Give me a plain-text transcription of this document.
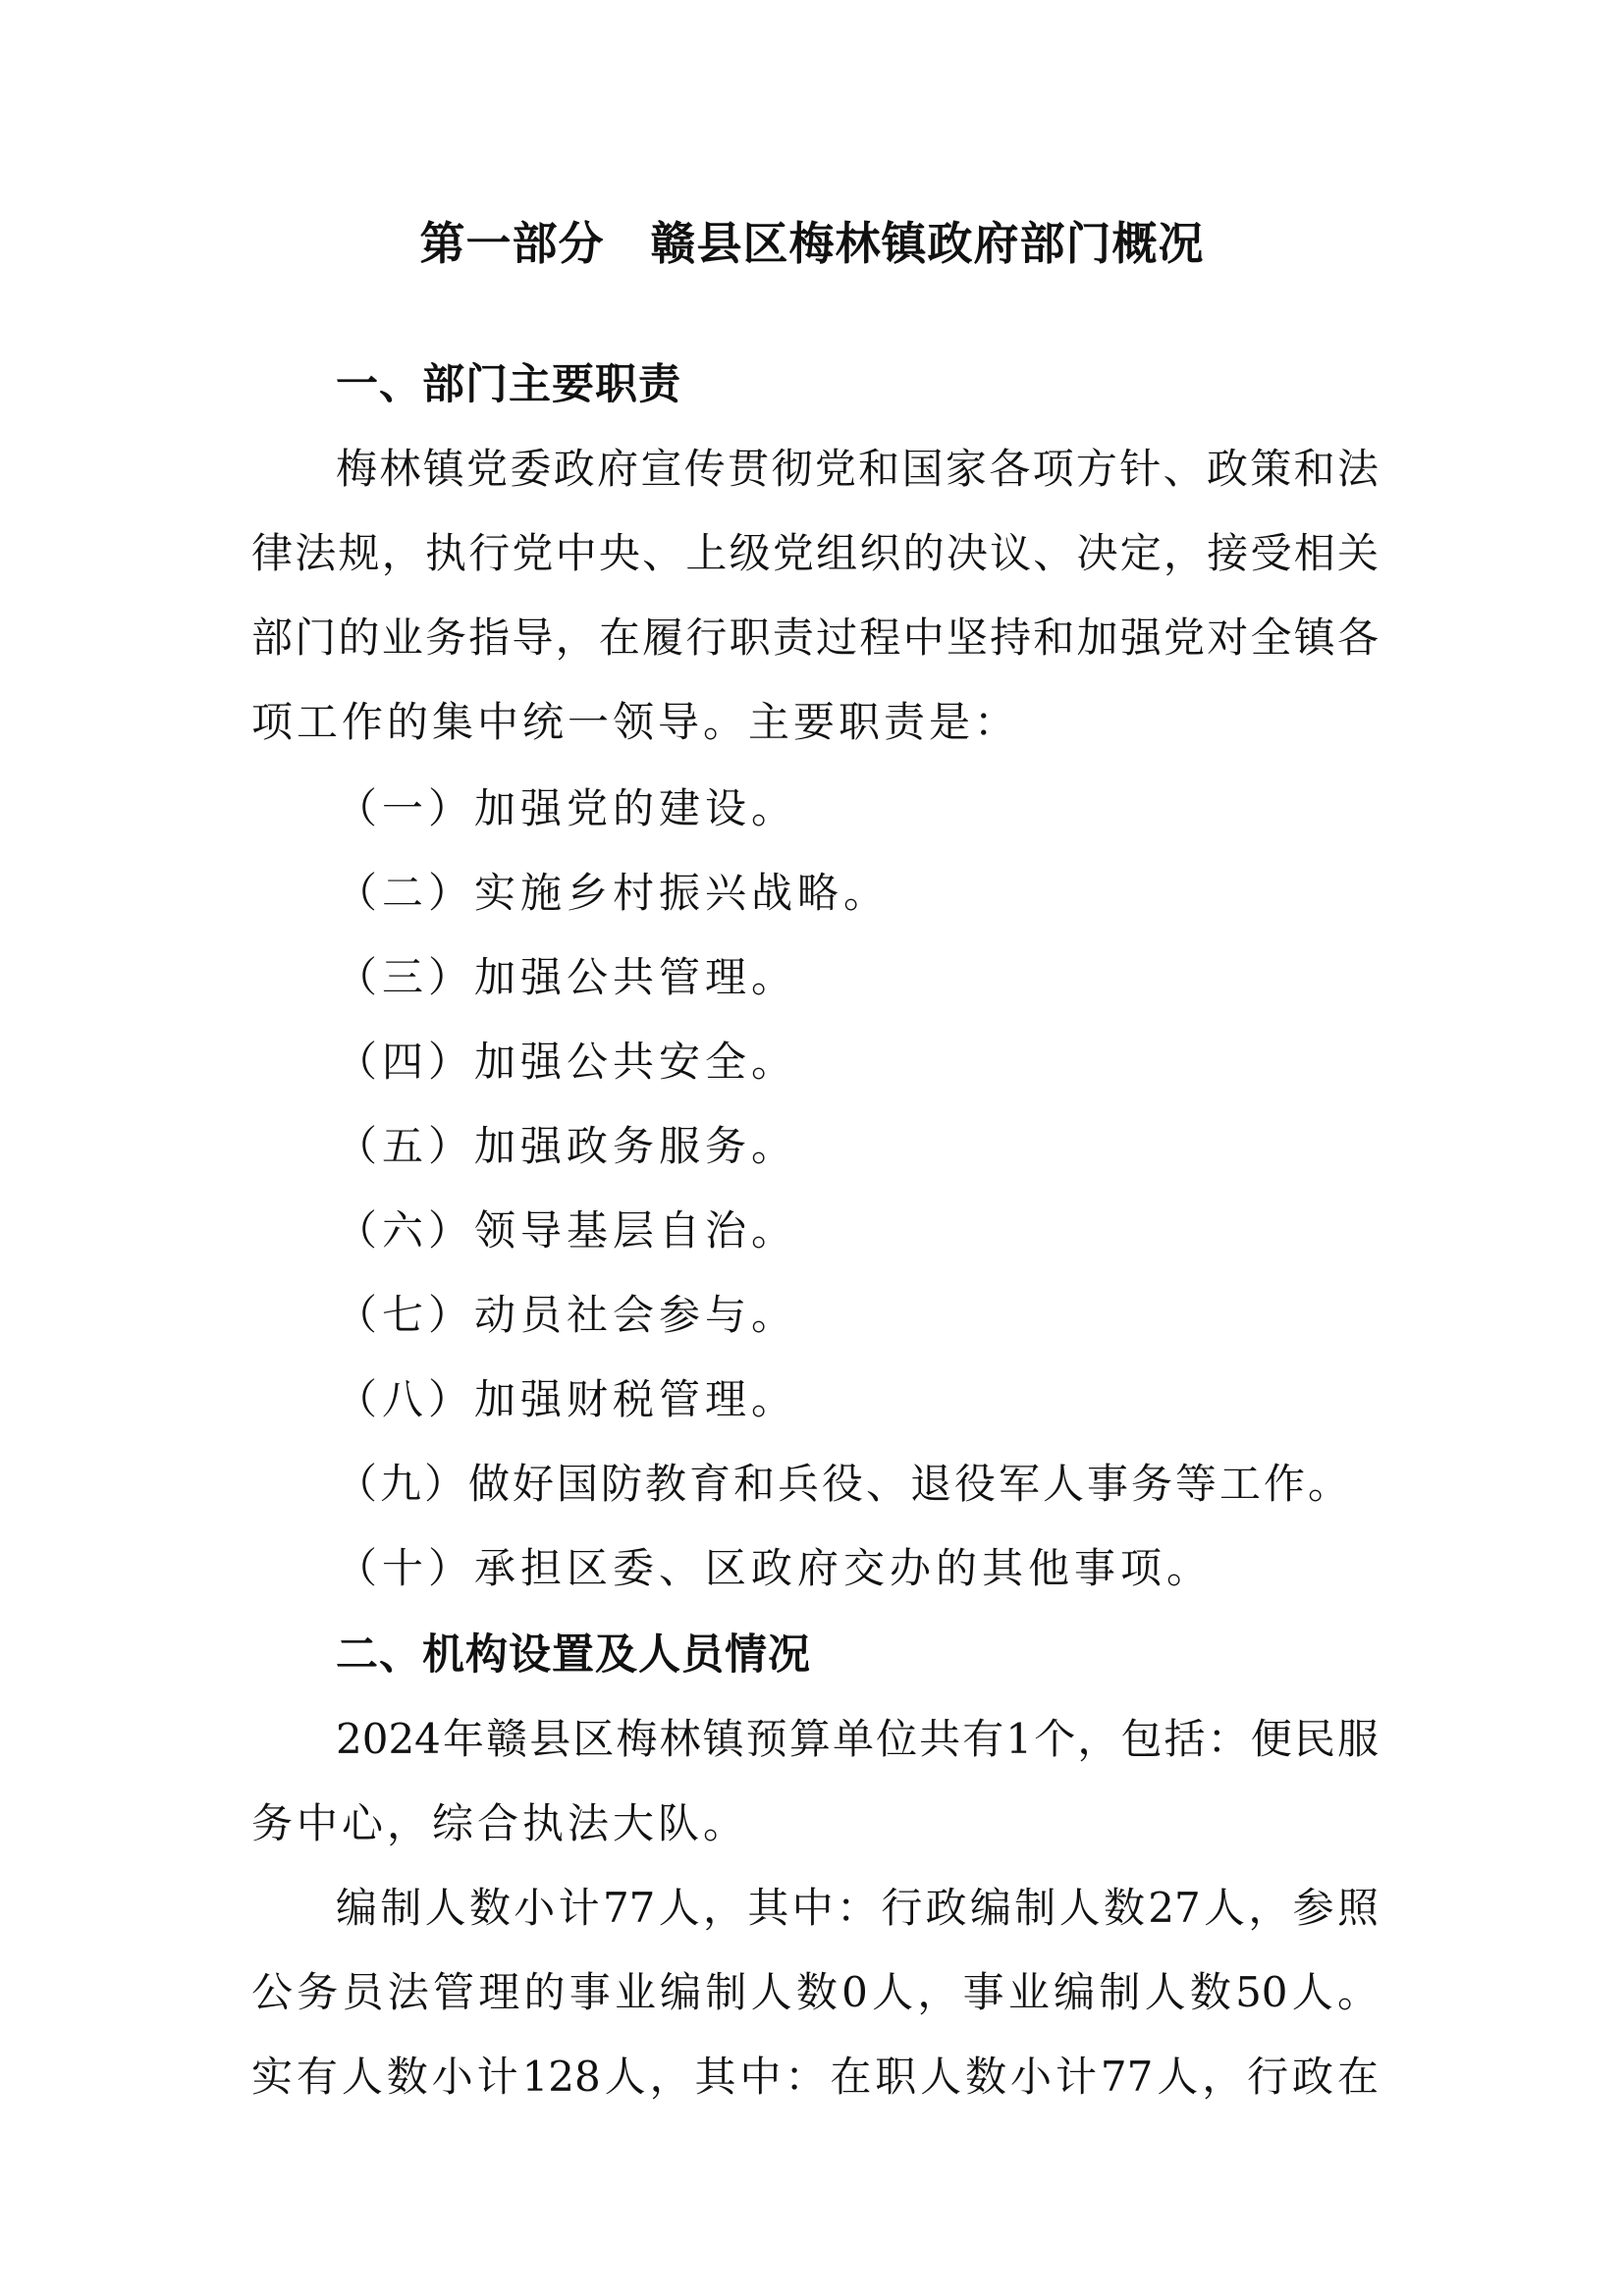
第一部分　赣县区梅林镇政府部门概况
一、部门主要职责
梅林镇党委政府宣传贯彻党和国家各项方针、政策和法
律法规，执行党中央、上级党组织的决议、决定，接受相关
部门的业务指导，在履行职责过程中坚持和加强党对全镇各
项工作的集中统一领导。主要职责是：
（一）加强党的建设。
（二）实施乡村振兴战略。
（三）加强公共管理。
（四）加强公共安全。
（五）加强政务服务。
（六）领导基层自治。
（七）动员社会参与。
（八）加强财税管理。
（九）做好国防教育和兵役、退役军人事务等工作。
（十）承担区委、区政府交办的其他事项。
二、机构设置及人员情况
2024年赣县区梅林镇预算单位共有1个，包括：便民服
务中心，综合执法大队。
编制人数小计77人，其中：行政编制人数27人，参照
公务员法管理的事业编制人数0人，事业编制人数50人。
实有人数小计128人，其中：在职人数小计77人，行政在
